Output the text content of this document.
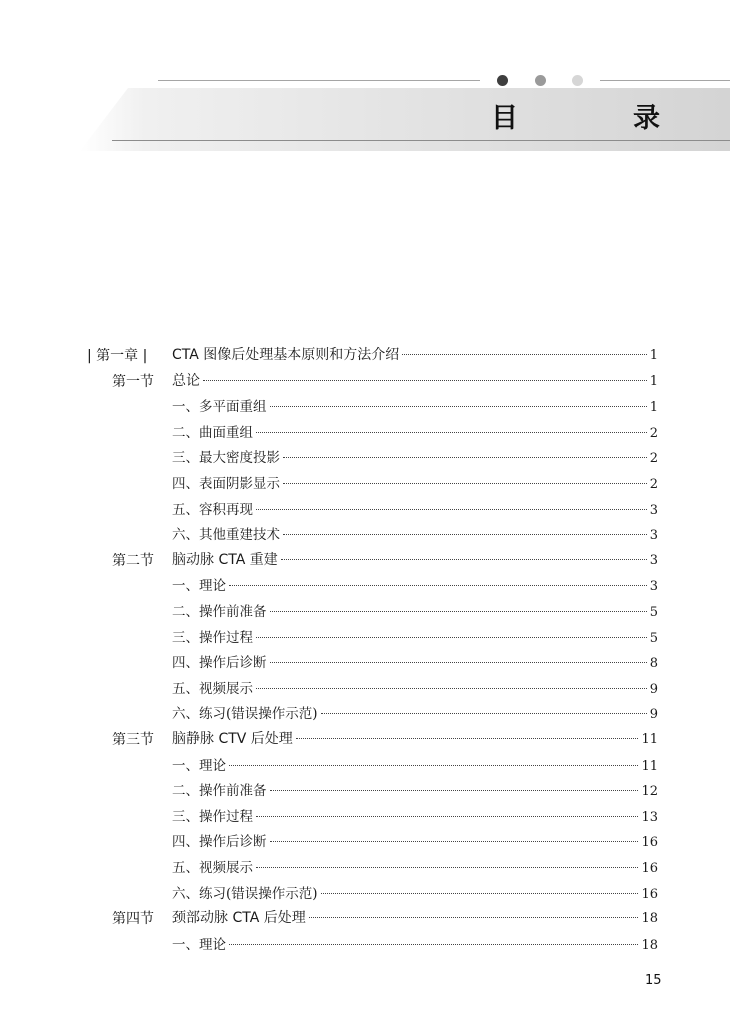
目　录
| 第一章 | CTA 图像后处理基本原则和方法介绍	1
第一节 总论	1
一、多平面重组	1
二、曲面重组	2
三、最大密度投影	2
四、表面阴影显示	2
五、容积再现	3
六、其他重建技术	3
第二节 脑动脉 CTA 重建	3
一、理论	3
二、操作前准备	5
三、操作过程	5
四、操作后诊断	8
五、视频展示	9
六、练习(错误操作示范)	9
第三节 脑静脉 CTV 后处理	11
一、理论	11
二、操作前准备	12
三、操作过程	13
四、操作后诊断	16
五、视频展示	16
六、练习(错误操作示范)	16
第四节 颈部动脉 CTA 后处理	18
一、理论	18
15
